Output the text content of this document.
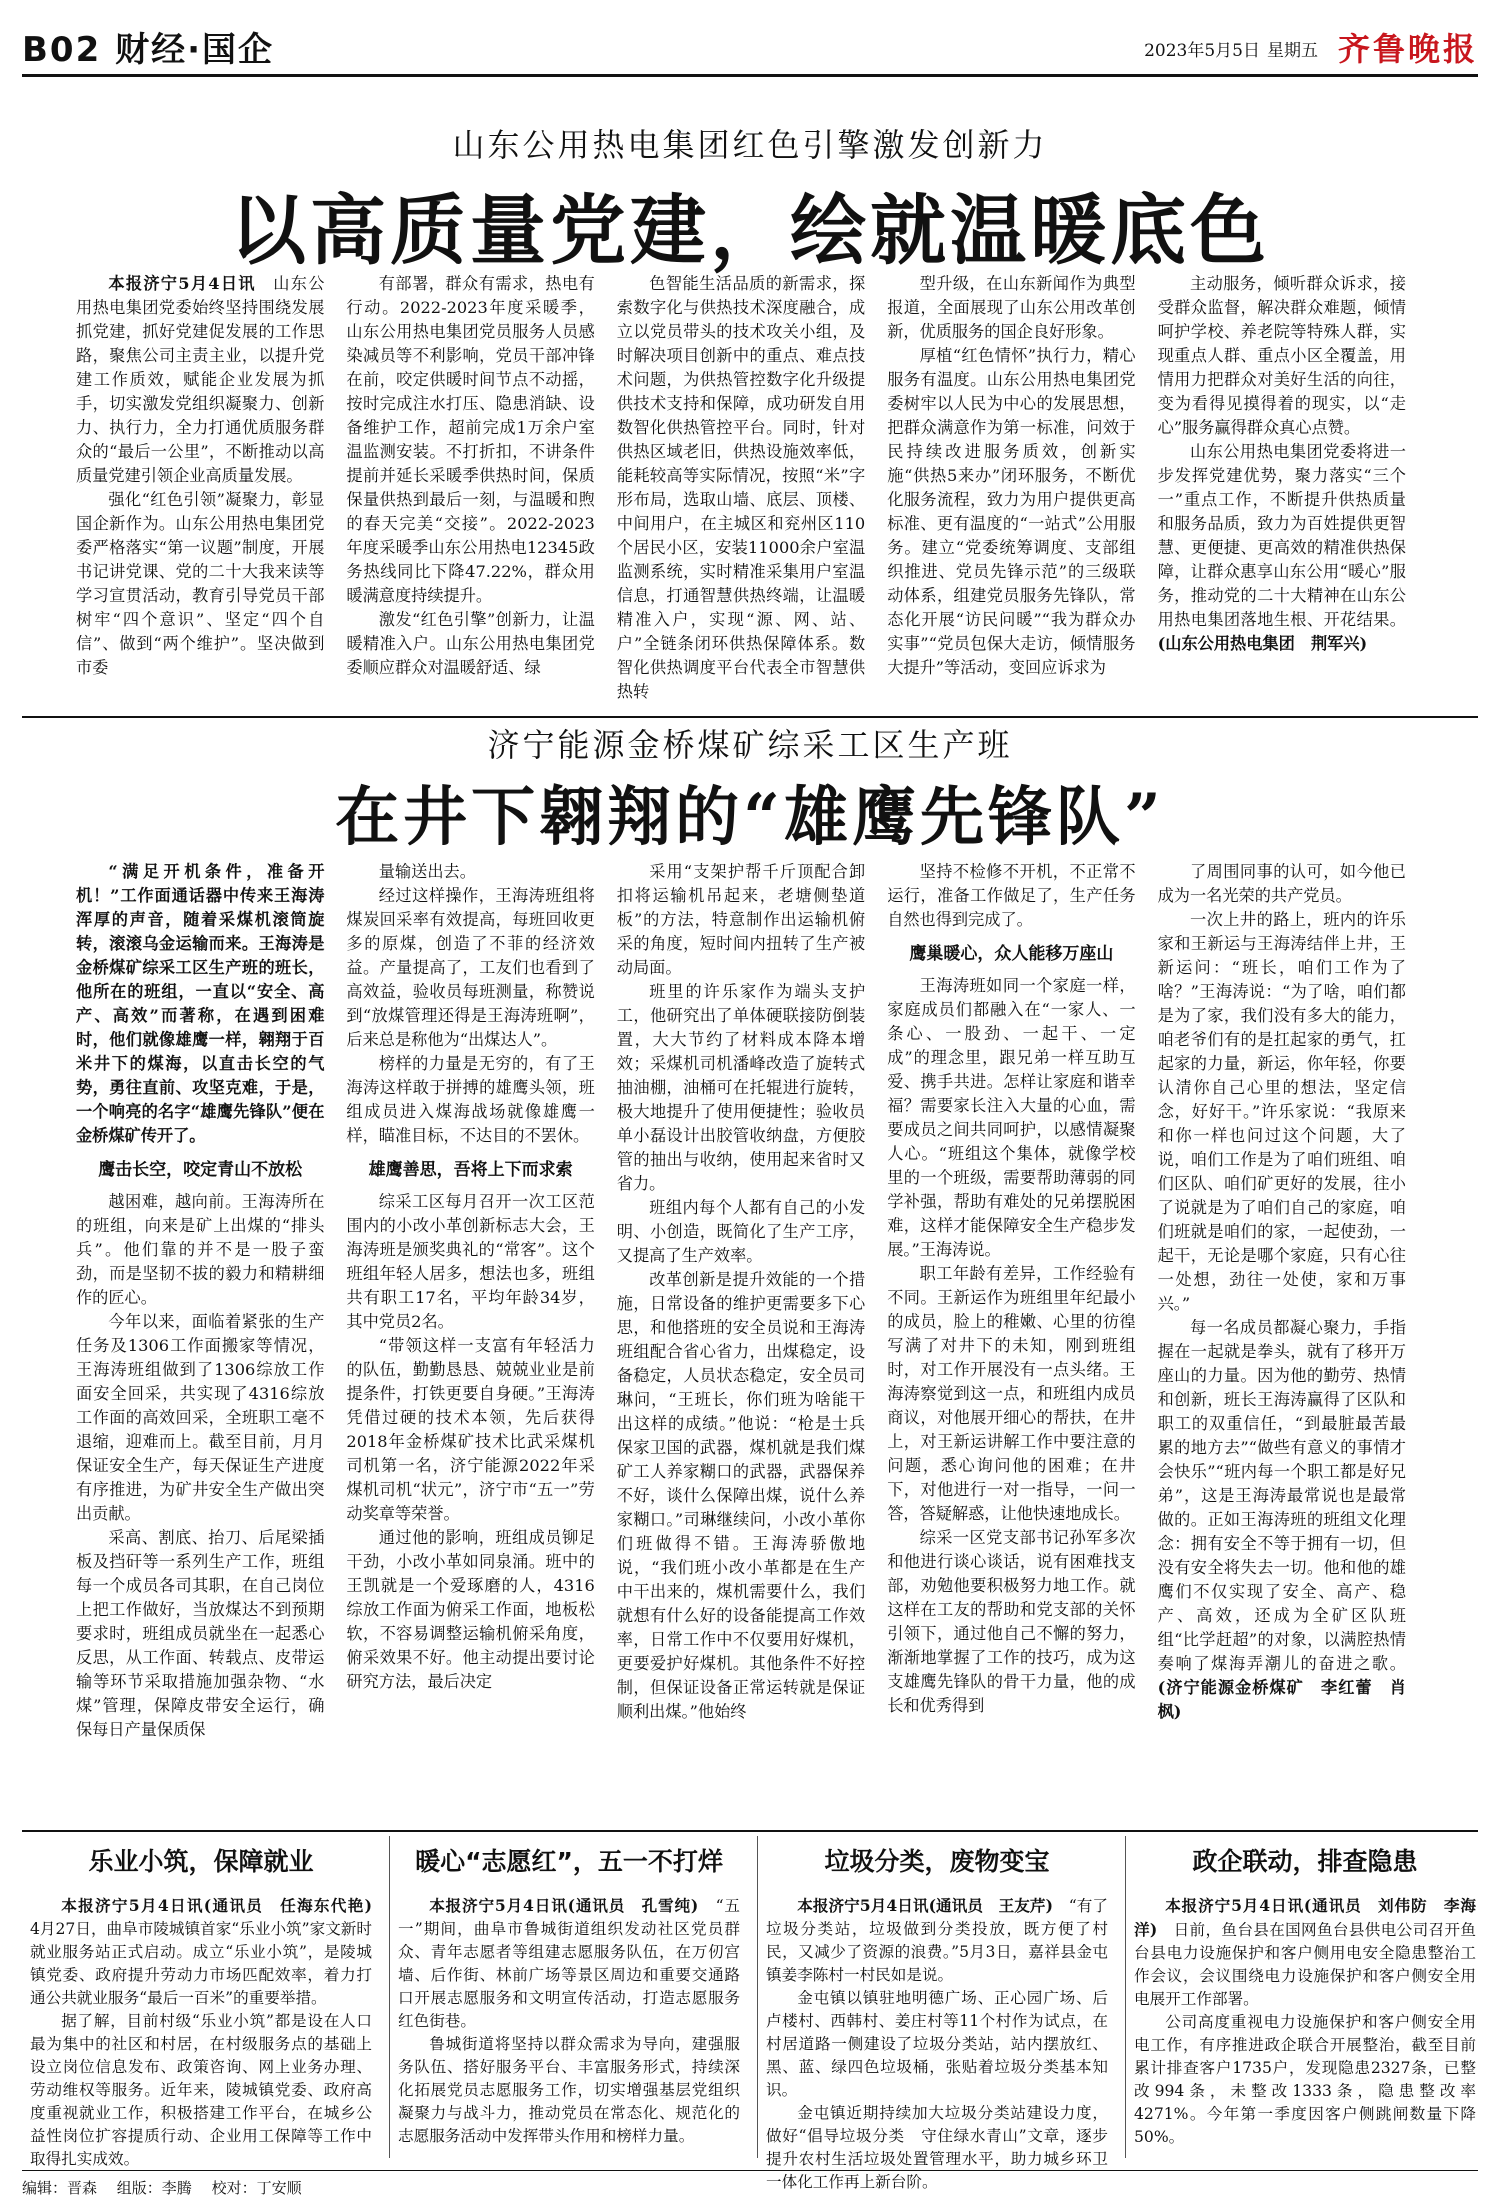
B02 财经·国企	2023年5月5日 星期五 齐鲁晚报
山东公用热电集团红色引擎激发创新力
以高质量党建，绘就温暖底色

本报济宁5月4日讯　 山东公用热电集团党委始终坚持围绕发展抓党建，抓好党建促发展的工作思路，聚焦公司主责主业，以提升党建工作质效，赋能企业发展为抓手，切实激发党组织凝聚力、创新力、执行力，全力打通优质服务群众的“最后一公里”，不断推动以高质量党建引领企业高质量发展。

强化“红色引领”凝聚力，彰显国企新作为。山东公用热电集团党委严格落实“第一议题”制度，开展书记讲党课、党的二十大我来读等学习宣贯活动，教育引导党员干部树牢“四个意识”、坚定“四个自信”、做到“两个维护”。坚决做到市委

有部署，群众有需求，热电有行动。2022-2023年度采暖季，山东公用热电集团党员服务人员感染减员等不利影响，党员干部冲锋在前，咬定供暖时间节点不动摇，按时完成注水打压、隐患消缺、设备维护工作，超前完成1万余户室温监测安装。不打折扣，不讲条件提前并延长采暖季供热时间，保质保量供热到最后一刻，与温暖和煦的春天完美“交接”。2022-2023年度采暖季山东公用热电12345政务热线同比下降47.22%，群众用暖满意度持续提升。

激发“红色引擎”创新力，让温暖精准入户。山东公用热电集团党委顺应群众对温暖舒适、绿

色智能生活品质的新需求，探索数字化与供热技术深度融合，成立以党员带头的技术攻关小组，及时解决项目创新中的重点、难点技术问题，为供热管控数字化升级提供技术支持和保障，成功研发自用数智化供热管控平台。同时，针对供热区域老旧，供热设施效率低，能耗较高等实际情况，按照“米”字形布局，选取山墙、底层、顶楼、中间用户，在主城区和兖州区110个居民小区，安装11000余户室温监测系统，实时精准采集用户室温信息，打通智慧供热终端，让温暖精准入户，实现“源、网、站、户”全链条闭环供热保障体系。数智化供热调度平台代表全市智慧供热转

型升级，在山东新闻作为典型报道，全面展现了山东公用改革创新，优质服务的国企良好形象。

厚植“红色情怀”执行力，精心服务有温度。山东公用热电集团党委树牢以人民为中心的发展思想，把群众满意作为第一标准，问效于民持续改进服务质效，创新实施“供热5来办”闭环服务，不断优化服务流程，致力为用户提供更高标准、更有温度的“一站式”公用服务。建立“党委统筹调度、支部组织推进、党员先锋示范”的三级联动体系，组建党员服务先锋队，常态化开展“访民问暖”“我为群众办实事”“党员包保大走访，倾情服务大提升”等活动，变回应诉求为

主动服务，倾听群众诉求，接受群众监督，解决群众难题，倾情呵护学校、养老院等特殊人群，实现重点人群、重点小区全覆盖，用情用力把群众对美好生活的向往，变为看得见摸得着的现实，以“走心”服务赢得群众真心点赞。

山东公用热电集团党委将进一步发挥党建优势，聚力落实“三个一”重点工作，不断提升供热质量和服务品质，致力为百姓提供更智慧、更便捷、更高效的精准供热保障，让群众惠享山东公用“暖心”服务，推动党的二十大精神在山东公用热电集团落地生根、开花结果。(山东公用热电集团　荆军兴)

济宁能源金桥煤矿综采工区生产班
在井下翱翔的“雄鹰先锋队”

“满足开机条件，准备开机！”工作面通话器中传来王海涛浑厚的声音，随着采煤机滚筒旋转，滚滚乌金运输而来。王海涛是金桥煤矿综采工区生产班的班长，他所在的班组，一直以“安全、高产、高效”而著称，在遇到困难时，他们就像雄鹰一样，翱翔于百米井下的煤海，以直击长空的气势，勇往直前、攻坚克难，于是，一个响亮的名字“雄鹰先锋队”便在金桥煤矿传开了。

鹰击长空，咬定青山不放松

越困难，越向前。王海涛所在的班组，向来是矿上出煤的“排头兵”。他们靠的并不是一股子蛮劲，而是坚韧不拔的毅力和精耕细作的匠心。

今年以来，面临着紧张的生产任务及1306工作面搬家等情况，王海涛班组做到了1306综放工作面安全回采，共实现了4316综放工作面的高效回采，全班职工毫不退缩，迎难而上。截至目前，月月保证安全生产，每天保证生产进度有序推进，为矿井安全生产做出突出贡献。

采高、割底、抬刀、后尾梁插板及挡矸等一系列生产工作，班组每一个成员各司其职，在自己岗位上把工作做好，当放煤达不到预期要求时，班组成员就坐在一起悉心反思，从工作面、转载点、皮带运输等环节采取措施加强杂物、“水煤”管理，保障皮带安全运行，确保每日产量保质保

量输送出去。

经过这样操作，王海涛班组将煤炭回采率有效提高，每班回收更多的原煤，创造了不菲的经济效益。产量提高了，工友们也看到了高效益，验收员每班测量，称赞说到“放煤管理还得是王海涛班啊”，后来总是称他为“出煤达人”。

榜样的力量是无穷的，有了王海涛这样敢于拼搏的雄鹰头领，班组成员进入煤海战场就像雄鹰一样，瞄准目标，不达目的不罢休。

雄鹰善思，吾将上下而求索

综采工区每月召开一次工区范围内的小改小革创新标志大会，王海涛班是颁奖典礼的“常客”。这个班组年轻人居多，想法也多，班组共有职工17名，平均年龄34岁，其中党员2名。

“带领这样一支富有年轻活力的队伍，勤勤恳恳、兢兢业业是前提条件，打铁更要自身硬。”王海涛凭借过硬的技术本领，先后获得2018年金桥煤矿技术比武采煤机司机第一名，济宁能源2022年采煤机司机“状元”，济宁市“五一”劳动奖章等荣誉。

通过他的影响，班组成员铆足干劲，小改小革如同泉涌。班中的王凯就是一个爱琢磨的人，4316综放工作面为俯采工作面，地板松软，不容易调整运输机俯采角度，俯采效果不好。他主动提出要讨论研究方法，最后决定

采用“支架护帮千斤顶配合卸扣将运输机吊起来，老塘侧垫道板”的方法，特意制作出运输机俯采的角度，短时间内扭转了生产被动局面。

班里的许乐家作为端头支护工，他研究出了单体硬联接防倒装置，大大节约了材料成本降本增效；采煤机司机潘峰改造了旋转式抽油棚，油桶可在托辊进行旋转，极大地提升了使用便捷性；验收员单小磊设计出胶管收纳盘，方便胶管的抽出与收纳，使用起来省时又省力。

班组内每个人都有自己的小发明、小创造，既简化了生产工序，又提高了生产效率。

改革创新是提升效能的一个措施，日常设备的维护更需要多下心思，和他搭班的安全员说和王海涛班组配合省心省力，出煤稳定，设备稳定，人员状态稳定，安全员司琳问，“王班长，你们班为啥能干出这样的成绩。”他说：“枪是士兵保家卫国的武器，煤机就是我们煤矿工人养家糊口的武器，武器保养不好，谈什么保障出煤，说什么养家糊口。”司琳继续问，小改小革你们班做得不错。王海涛骄傲地说，“我们班小改小革都是在生产中干出来的，煤机需要什么，我们就想有什么好的设备能提高工作效率，日常工作中不仅要用好煤机，更要爱护好煤机。其他条件不好控制，但保证设备正常运转就是保证顺利出煤。”他始终

坚持不检修不开机，不正常不运行，准备工作做足了，生产任务自然也得到完成了。

鹰巢暖心，众人能移万座山

王海涛班如同一个家庭一样，家庭成员们都融入在“一家人、一条心、一股劲、一起干、一定成”的理念里，跟兄弟一样互助互爱、携手共进。怎样让家庭和谐幸福？需要家长注入大量的心血，需要成员之间共同呵护，以感情凝聚人心。“班组这个集体，就像学校里的一个班级，需要帮助薄弱的同学补强，帮助有难处的兄弟摆脱困难，这样才能保障安全生产稳步发展。”王海涛说。

职工年龄有差异，工作经验有不同。王新运作为班组里年纪最小的成员，脸上的稚嫩、心里的彷徨写满了对井下的未知，刚到班组时，对工作开展没有一点头绪。王海涛察觉到这一点，和班组内成员商议，对他展开细心的帮扶，在井上，对王新运讲解工作中要注意的问题，悉心询问他的困难；在井下，对他进行一对一指导，一问一答，答疑解惑，让他快速地成长。

综采一区党支部书记孙军多次和他进行谈心谈话，说有困难找支部，劝勉他要积极努力地工作。就这样在工友的帮助和党支部的关怀引领下，通过他自己不懈的努力，渐渐地掌握了工作的技巧，成为这支雄鹰先锋队的骨干力量，他的成长和优秀得到

了周围同事的认可，如今他已成为一名光荣的共产党员。

一次上井的路上，班内的许乐家和王新运与王海涛结伴上井，王新运问：“班长，咱们工作为了啥？”王海涛说：“为了啥，咱们都是为了家，我们没有多大的能力，咱老爷们有的是扛起家的勇气，扛起家的力量，新运，你年轻，你要认清你自己心里的想法，坚定信念，好好干。”许乐家说：“我原来和你一样也问过这个问题，大了说，咱们工作是为了咱们班组、咱们区队、咱们矿更好的发展，往小了说就是为了咱们自己的家庭，咱们班就是咱们的家，一起使劲，一起干，无论是哪个家庭，只有心往一处想，劲往一处使，家和万事兴。”

每一名成员都凝心聚力，手指握在一起就是拳头，就有了移开万座山的力量。因为他的勤劳、热情和创新，班长王海涛赢得了区队和职工的双重信任，“到最脏最苦最累的地方去”“做些有意义的事情才会快乐”“班内每一个职工都是好兄弟”，这是王海涛最常说也是最常做的。正如王海涛班的班组文化理念：拥有安全不等于拥有一切，但没有安全将失去一切。他和他的雄鹰们不仅实现了安全、高产、稳产、高效，还成为全矿区队班组“比学赶超”的对象，以满腔热情奏响了煤海弄潮儿的奋进之歌。(济宁能源金桥煤矿　李红蕾　肖枫)

乐业小筑，保障就业

本报济宁5月4日讯(通讯员　任海东代艳)　4月27日，曲阜市陵城镇首家“乐业小筑”家文新时就业服务站正式启动。成立“乐业小筑”，是陵城镇党委、政府提升劳动力市场匹配效率，着力打通公共就业服务“最后一百米”的重要举措。

据了解，目前村级“乐业小筑”都是设在人口最为集中的社区和村居，在村级服务点的基础上设立岗位信息发布、政策咨询、网上业务办理、劳动维权等服务。近年来，陵城镇党委、政府高度重视就业工作，积极搭建工作平台，在城乡公益性岗位扩容提质行动、企业用工保障等工作中取得扎实成效。

暖心“志愿红”，五一不打烊

本报济宁5月4日讯(通讯员　孔雪纯)　 “五一”期间，曲阜市鲁城街道组织发动社区党员群众、青年志愿者等组建志愿服务队伍，在万仞宫墙、后作街、林前广场等景区周边和重要交通路口开展志愿服务和文明宣传活动，打造志愿服务红色街巷。

鲁城街道将坚持以群众需求为导向，建强服务队伍、搭好服务平台、丰富服务形式，持续深化拓展党员志愿服务工作，切实增强基层党组织凝聚力与战斗力，推动党员在常态化、规范化的志愿服务活动中发挥带头作用和榜样力量。

垃圾分类，废物变宝

本报济宁5月4日讯(通讯员　王友芹)　 “有了垃圾分类站，垃圾做到分类投放，既方便了村民，又减少了资源的浪费。”5月3日，嘉祥县金屯镇姜李陈村一村民如是说。

金屯镇以镇驻地明德广场、正心园广场、后卢楼村、西韩村、姜庄村等11个村作为试点，在村居道路一侧建设了垃圾分类站，站内摆放红、黑、蓝、绿四色垃圾桶，张贴着垃圾分类基本知识。

金屯镇近期持续加大垃圾分类站建设力度，做好“倡导垃圾分类　守住绿水青山”文章，逐步提升农村生活垃圾处置管理水平，助力城乡环卫一体化工作再上新台阶。

政企联动，排查隐患

本报济宁5月4日讯(通讯员　刘伟防　李海洋)　 日前，鱼台县在国网鱼台县供电公司召开鱼台县电力设施保护和客户侧用电安全隐患整治工作会议，会议围绕电力设施保护和客户侧安全用电展开工作部署。

公司高度重视电力设施保护和客户侧安全用电工作，有序推进政企联合开展整治，截至目前累计排查客户1735户，发现隐患2327条，已整改994条，未整改1333条，隐患整改率4271%。今年第一季度因客户侧跳闸数量下降50%。

编辑：晋森　 组版：李腾　 校对：丁安顺
